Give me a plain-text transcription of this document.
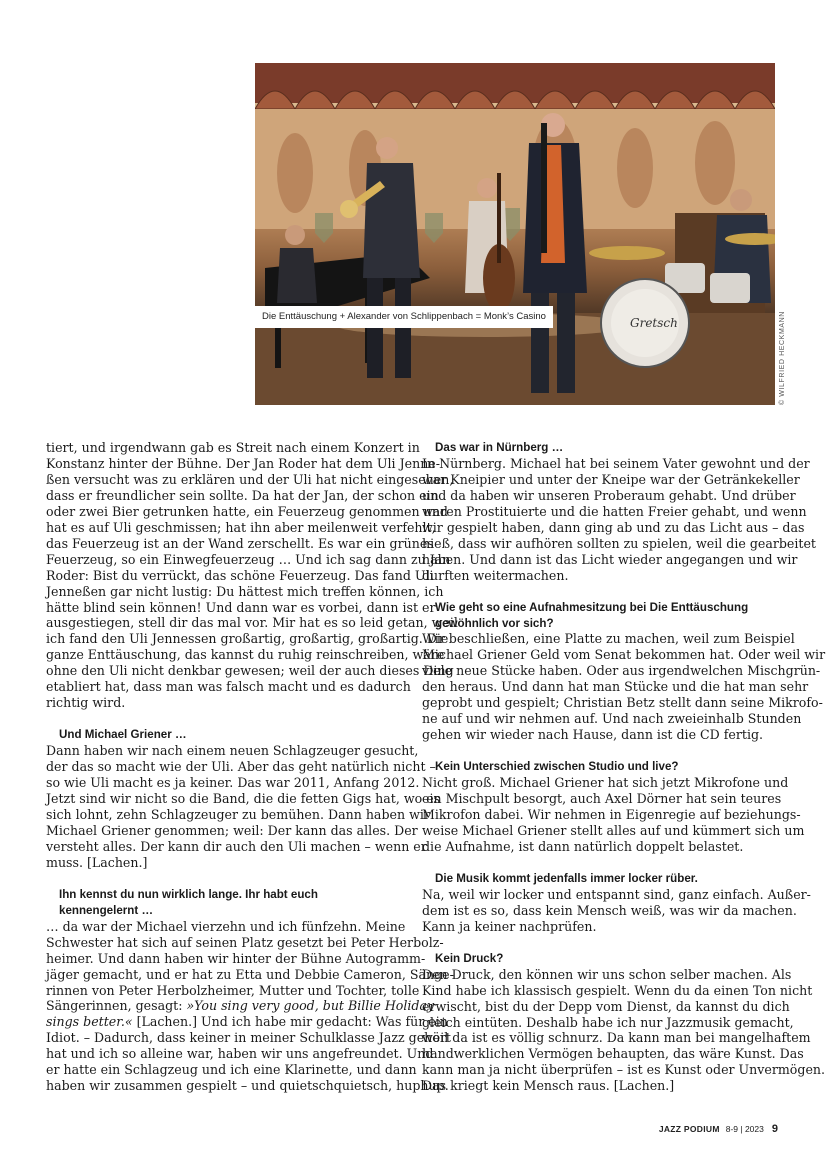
Gretsch
Die Enttäuschung + Alexander von Schlippenbach = Monk’s Casino	© WILFRIED HECKMANN

tiert, und irgendwann gab es Streit nach einem Konzert in
Konstanz hinter der Bühne. Der Jan Roder hat dem Uli Jenne-
ßen versucht was zu erklären und der Uli hat nicht eingesehen,
dass er freundlicher sein sollte. Da hat der Jan, der schon ein
oder zwei Bier getrunken hatte, ein Feuerzeug genommen und
hat es auf Uli geschmissen; hat ihn aber meilenweit verfehlt,
das Feuerzeug ist an der Wand zerschellt. Es war ein grünes
Feuerzeug, so ein Einwegfeuerzeug … Und ich sag dann zu Jan
Roder: Bist du verrückt, das schöne Feuerzeug. Das fand Uli
Jennеßen gar nicht lustig: Du hättest mich treffen können, ich
hätte blind sein können! Und dann war es vorbei, dann ist er
ausgestiegen, stell dir das mal vor. Mir hat es so leid getan, weil
ich fand den Uli Jennessen großartig, großartig, großartig. Die
ganze Enttäuschung, das kannst du ruhig reinschreiben, wäre
ohne den Uli nicht denkbar gewesen; weil der auch dieses Ding
etabliert hat, dass man was falsch macht und es dadurch
richtig wird.

Und Michael Griener …

Dann haben wir nach einem neuen Schlagzeuger gesucht,
der das so macht wie der Uli. Aber das geht natürlich nicht –
so wie Uli macht es ja keiner. Das war 2011, Anfang 2012.
Jetzt sind wir nicht so die Band, die die fetten Gigs hat, wo es
sich lohnt, zehn Schlagzeuger zu bemühen. Dann haben wir
Michael Griener genommen; weil: Der kann das alles. Der
versteht alles. Der kann dir auch den Uli machen – wenn er
muss. [Lachen.]

Ihn kennst du nun wirklich lange. Ihr habt euch
kennengelernt …

… da war der Michael vierzehn und ich fünfzehn. Meine
Schwester hat sich auf seinen Platz gesetzt bei Peter Herbolz-
heimer. Und dann haben wir hinter der Bühne Autogramm-
jäger gemacht, und er hat zu Etta und Debbie Cameron, Sänge-
rinnen von Peter Herbolzheimer, Mutter und Tochter, tolle
Sängerinnen, gesagt: »You sing very good, but Billie Holiday
sings better.« [Lachen.] Und ich habe mir gedacht: Was für ein
Idiot. – Dadurch, dass keiner in meiner Schulklasse Jazz gehört
hat und ich so alleine war, haben wir uns angefreundet. Und
er hatte ein Schlagzeug und ich eine Klarinette, und dann
haben wir zusammen gespielt – und quietschquietsch, huphup.

Das war in Nürnberg …

In Nürnberg. Michael hat bei seinem Vater gewohnt und der
war Kneipier und unter der Kneipe war der Getränkekeller
und da haben wir unseren Proberaum gehabt. Und drüber
waren Prostituierte und die hatten Freier gehabt, und wenn
wir gespielt haben, dann ging ab und zu das Licht aus – das
hieß, dass wir aufhören sollten zu spielen, weil die gearbeitet
haben. Und dann ist das Licht wieder angegangen und wir
durften weitermachen.

Wie geht so eine Aufnahmesitzung bei Die Enttäuschung
gewöhnlich vor sich?

Wir beschließen, eine Platte zu machen, weil zum Beispiel
Michael Griener Geld vom Senat bekommen hat. Oder weil wir
viele neue Stücke haben. Oder aus irgendwelchen Mischgrün-
den heraus. Und dann hat man Stücke und die hat man sehr
geprobt und gespielt; Christian Betz stellt dann seine Mikrofo-
ne auf und wir nehmen auf. Und nach zweieinhalb Stunden
gehen wir wieder nach Hause, dann ist die CD fertig.

Kein Unterschied zwischen Studio und live?

Nicht groß. Michael Griener hat sich jetzt Mikrofone und
ein Mischpult besorgt, auch Axel Dörner hat sein teures
Mikrofon dabei. Wir nehmen in Eigenregie auf beziehungs-
weise Michael Griener stellt alles auf und kümmert sich um
die Aufnahme, ist dann natürlich doppelt belastet.

Die Musik kommt jedenfalls immer locker rüber.

Na, weil wir locker und entspannt sind, ganz einfach. Außer-
dem ist es so, dass kein Mensch weiß, was wir da machen.
Kann ja keiner nachprüfen.

Kein Druck?

Den Druck, den können wir uns schon selber machen. Als
Kind habe ich klassisch gespielt. Wenn du da einen Ton nicht
erwischt, bist du der Depp vom Dienst, da kannst du dich
gleich eintüten. Deshalb habe ich nur Jazzmusik gemacht,
weil da ist es völlig schnurz. Da kann man bei mangelhaftem
handwerklichen Vermögen behaupten, das wäre Kunst. Das
kann man ja nicht überprüfen – ist es Kunst oder Unvermögen.
Das kriegt kein Mensch raus. [Lachen.]

JAZZ PODIUM 8-9 | 2023 9
